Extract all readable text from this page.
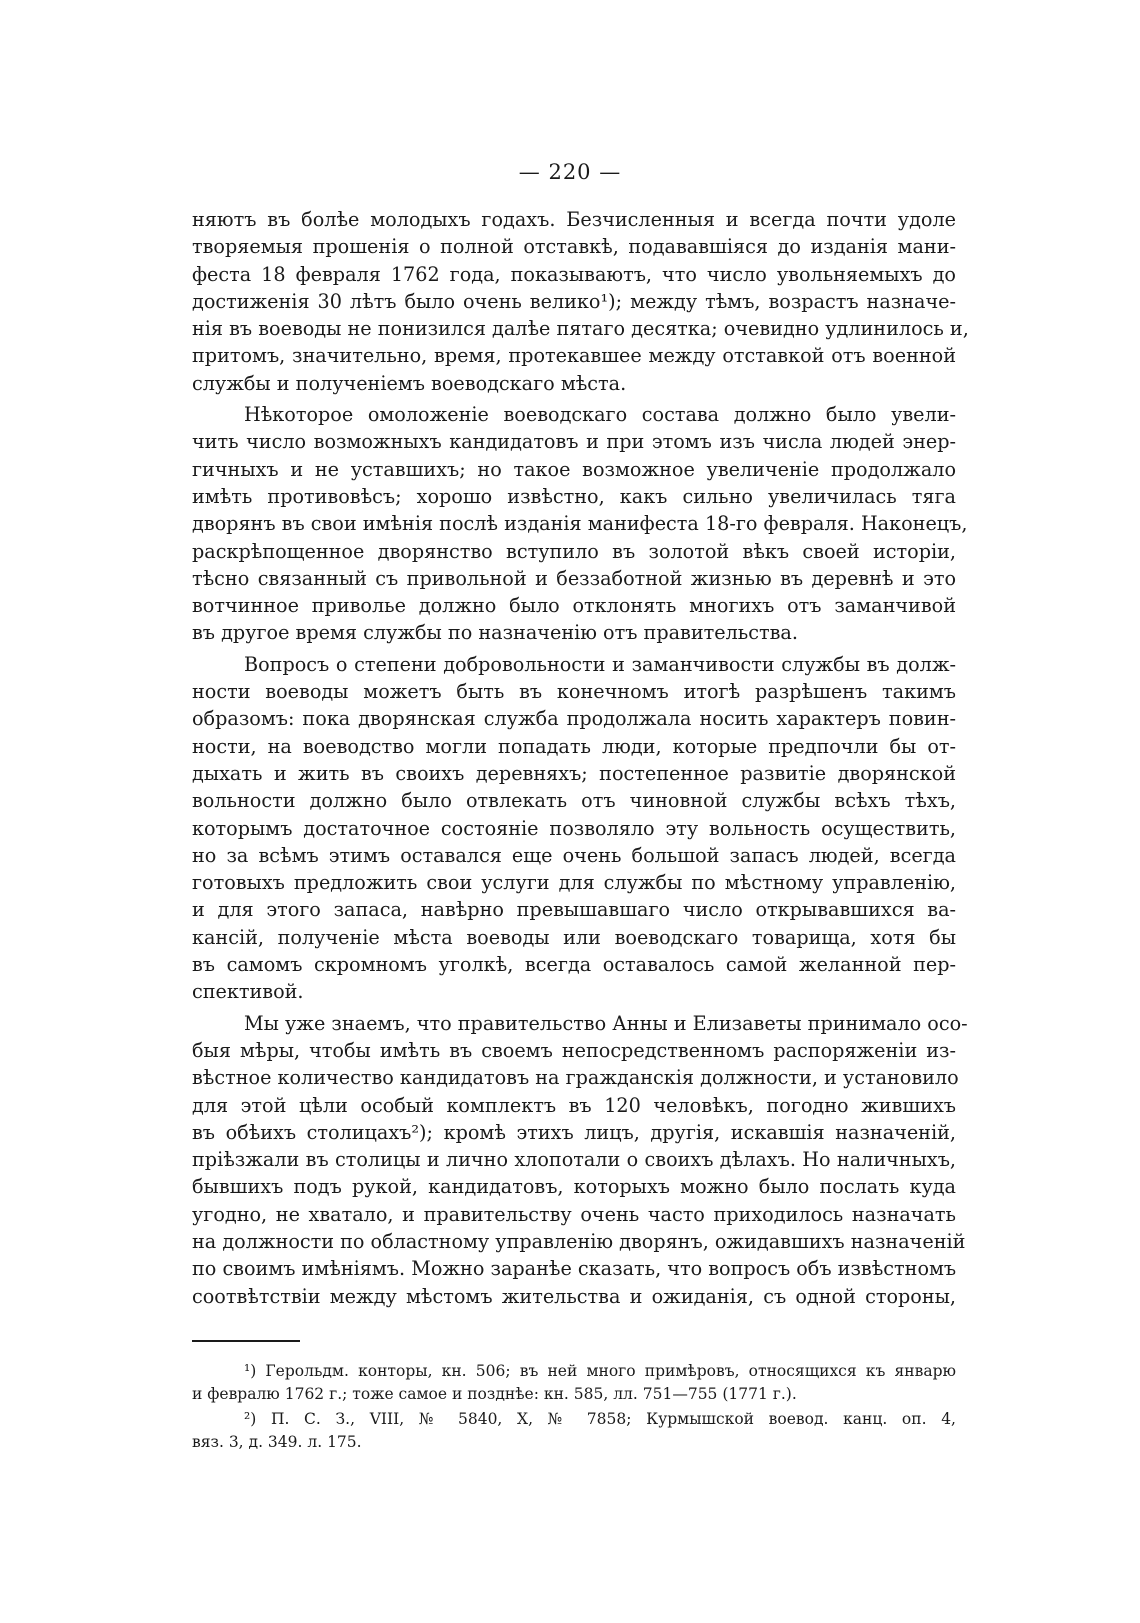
— 220 —
няютъ въ болѣе молодыхъ годахъ. Безчисленныя и всегда почти удоле
творяемыя прошенія о полной отставкѣ, подававшіяся до изданія мани-
феста 18 февраля 1762 года, показываютъ, что число увольняемыхъ до
достиженія 30 лѣтъ было очень велико¹); между тѣмъ, возрастъ назначе-
нія въ воеводы не понизился далѣе пятаго десятка; очевидно удлинилось и,
притомъ, значительно, время, протекавшее между отставкой отъ военной
службы и полученіемъ воеводскаго мѣста.
Нѣкоторое омоложеніе воеводскаго состава должно было увели-
чить число возможныхъ кандидатовъ и при этомъ изъ числа людей энер-
гичныхъ и не уставшихъ; но такое возможное увеличеніе продолжало
имѣть противовѣсъ; хорошо извѣстно, какъ сильно увеличилась тяга
дворянъ въ свои имѣнія послѣ изданія манифеста 18-го февраля. Наконецъ,
раскрѣпощенное дворянство вступило въ золотой вѣкъ своей исторіи,
тѣсно связанный съ привольной и беззаботной жизнью въ деревнѣ и это
вотчинное приволье должно было отклонять многихъ отъ заманчивой
въ другое время службы по назначенію отъ правительства.
Вопросъ о степени добровольности и заманчивости службы въ долж-
ности воеводы можетъ быть въ конечномъ итогѣ разрѣшенъ такимъ
образомъ: пока дворянская служба продолжала носить характеръ повин-
ности, на воеводство могли попадать люди, которые предпочли бы от-
дыхать и жить въ своихъ деревняхъ; постепенное развитіе дворянской
вольности должно было отвлекать отъ чиновной службы всѣхъ тѣхъ,
которымъ достаточное состояніе позволяло эту вольность осуществить,
но за всѣмъ этимъ оставался еще очень большой запасъ людей, всегда
готовыхъ предложить свои услуги для службы по мѣстному управленію,
и для этого запаса, навѣрно превышавшаго число открывавшихся ва-
кансій, полученіе мѣста воеводы или воеводскаго товарища, хотя бы
въ самомъ скромномъ уголкѣ, всегда оставалось самой желанной пер-
спективой.
Мы уже знаемъ, что правительство Анны и Елизаветы принимало осо-
быя мѣры, чтобы имѣть въ своемъ непосредственномъ распоряженіи из-
вѣстное количество кандидатовъ на гражданскія должности, и установило
для этой цѣли особый комплектъ въ 120 человѣкъ, погодно жившихъ
въ обѣихъ столицахъ²); кромѣ этихъ лицъ, другія, искавшія назначеній,
пріѣзжали въ столицы и лично хлопотали о своихъ дѣлахъ. Но наличныхъ,
бывшихъ подъ рукой, кандидатовъ, которыхъ можно было послать куда
угодно, не хватало, и правительству очень часто приходилось назначать
на должности по областному управленію дворянъ, ожидавшихъ назначеній
по своимъ имѣніямъ. Можно заранѣе сказать, что вопросъ объ извѣстномъ
соотвѣтствіи между мѣстомъ жительства и ожиданія, съ одной стороны,
¹) Герольдм. конторы, кн. 506; въ ней много примѣровъ, относящихся къ январю
и февралю 1762 г.; тоже самое и позднѣе: кн. 585, лл. 751—755 (1771 г.).
²) П. С. З., VIII, № 5840, X, № 7858; Курмышской воевод. канц. оп. 4,
вяз. 3, д. 349. л. 175.
